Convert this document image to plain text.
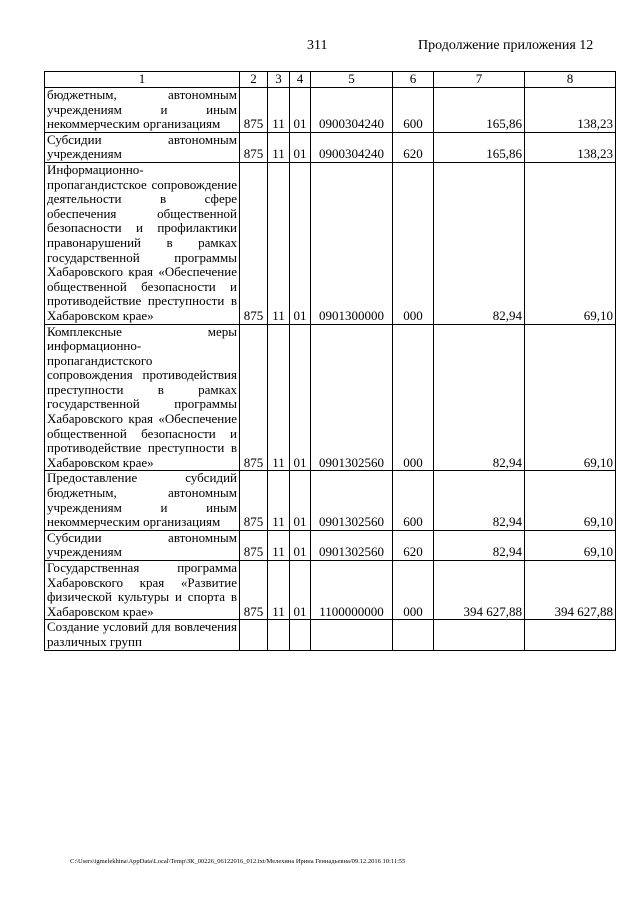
311	Продолжение приложения 12
1	2	3	4	5	6	7	8
бюджетным, автономным учреждениям и иным некоммерческим организациям	875	11	01	0900304240	600	165,86	138,23
Субсидии автономным учреждениям	875	11	01	0900304240	620	165,86	138,23
Информационно-пропагандистское сопровождение деятельности в сфере обеспечения общественной безопасности и профилактики правонарушений в рамках государственной программы Хабаровского края «Обеспечение общественной безопасности и противодействие преступности в Хабаровском крае»	875	11	01	0901300000	000	82,94	69,10
Комплексные меры информационно-пропагандистского сопровождения противодействия преступности в рамках государственной программы Хабаровского края «Обеспечение общественной безопасности и противодействие преступности в Хабаровском крае»	875	11	01	0901302560	000	82,94	69,10
Предоставление субсидий бюджетным, автономным учреждениям и иным некоммерческим организациям	875	11	01	0901302560	600	82,94	69,10
Субсидии автономным учреждениям	875	11	01	0901302560	620	82,94	69,10
Государственная программа Хабаровского края «Развитие физической культуры и спорта в Хабаровском крае»	875	11	01	1100000000	000	394 627,88	394 627,88
Создание условий для вовлечения различных групп							
C:\Users\igmelekhina\AppData\Local\Temp\ЗК_00226_06122016_012.txt/Мелехина Ирина Геннадьевна/09.12.2016 10:11:55
